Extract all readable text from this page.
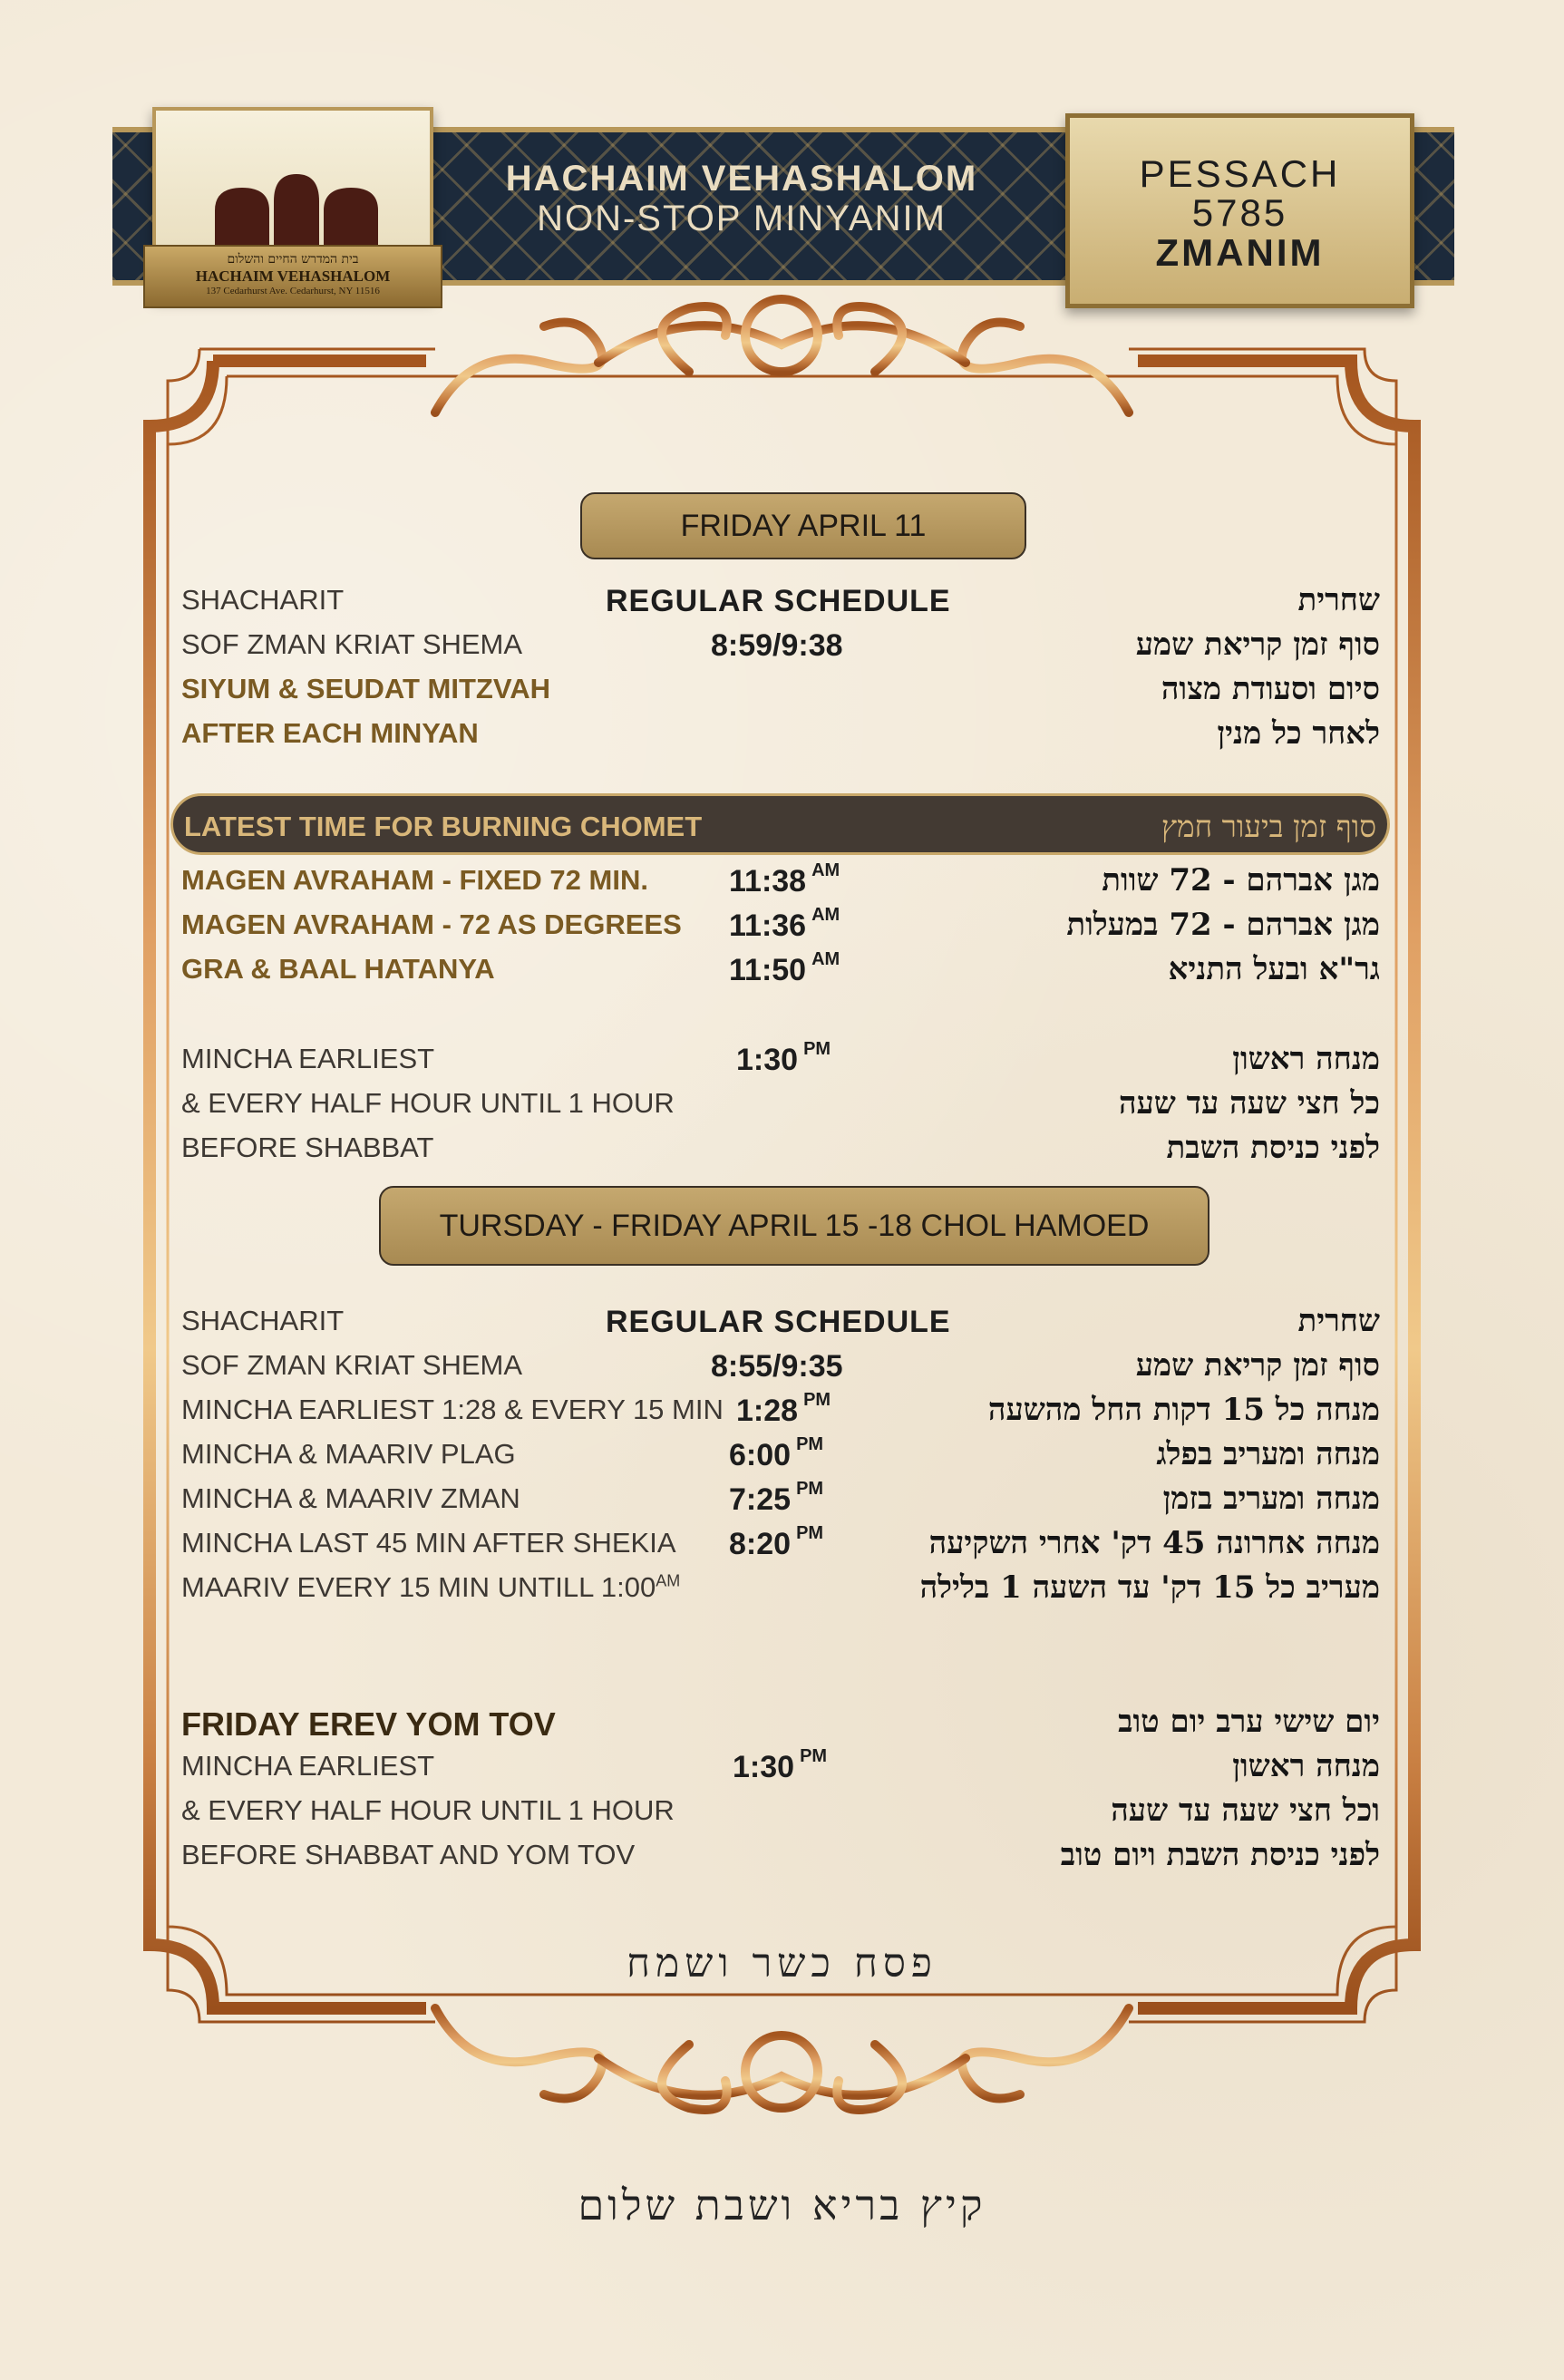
בית המדרש החיים והשלום
HACHAIM VEHASHALOM
137 Cedarhurst Ave. Cedarhurst, NY 11516
HACHAIM VEHASHALOM
NON-STOP MINYANIM
PESSACH
5785
ZMANIM
FRIDAY APRIL 11
SHACHARIT	REGULAR SCHEDULE	שחרית
SOF ZMAN KRIAT SHEMA	8:59/9:38	סוף זמן קריאת שמע
SIYUM & SEUDAT MITZVAH	סיום וסעודת מצוה
AFTER EACH MINYAN	לאחר כל מנין
LATEST TIME FOR BURNING CHOMET	סוף זמן ביעור חמץ
MAGEN AVRAHAM - FIXED 72 MIN.	11:38 $^{AM}$	מגן אברהם - 72 שוות
MAGEN AVRAHAM - 72 AS DEGREES 11:36 $^{AM}$	מגן אברהם - 72 במעלות
GRA & BAAL HATANYA	11:50 $^{AM}$	גר"א ובעל התניא
MINCHA EARLIEST	1:30 $^{PM}$	מנחה ראשון
& EVERY HALF HOUR UNTIL 1 HOUR	כל חצי שעה עד שעה
BEFORE SHABBAT	לפני כניסת השבת
TURSDAY - FRIDAY APRIL 15 -18 CHOL HAMOED
SHACHARIT	REGULAR SCHEDULE	שחרית
SOF ZMAN KRIAT SHEMA	8:55/9:35	סוף זמן קריאת שמע
MINCHA EARLIEST 1:28 & EVERY 15 MIN 1:28 $^{PM}$	מנחה כל 15 דקות החל מהשעה
MINCHA & MAARIV PLAG	6:00 $^{PM}$	מנחה ומעריב בפלג
MINCHA & MAARIV ZMAN	7:25 $^{PM}$	מנחה ומעריב בזמן
MINCHA LAST 45 MIN AFTER SHEKIA 8:20 $^{PM}$	מנחה אחרונה 45 דק' אחרי השקיעה
MAARIV EVERY 15 MIN UNTILL $1:00^{AM}$	מעריב כל 15 דק' עד השעה 1 בלילה
FRIDAY EREV YOM TOV	יום שישי ערב יום טוב
MINCHA EARLIEST	1:30 $^{PM}$	מנחה ראשון
& EVERY HALF HOUR UNTIL 1 HOUR	וכל חצי שעה עד שעה
BEFORE SHABBAT AND YOM TOV	לפני כניסת השבת ויום טוב
פסח כשר ושמח
קיץ בריא ושבת שלום
